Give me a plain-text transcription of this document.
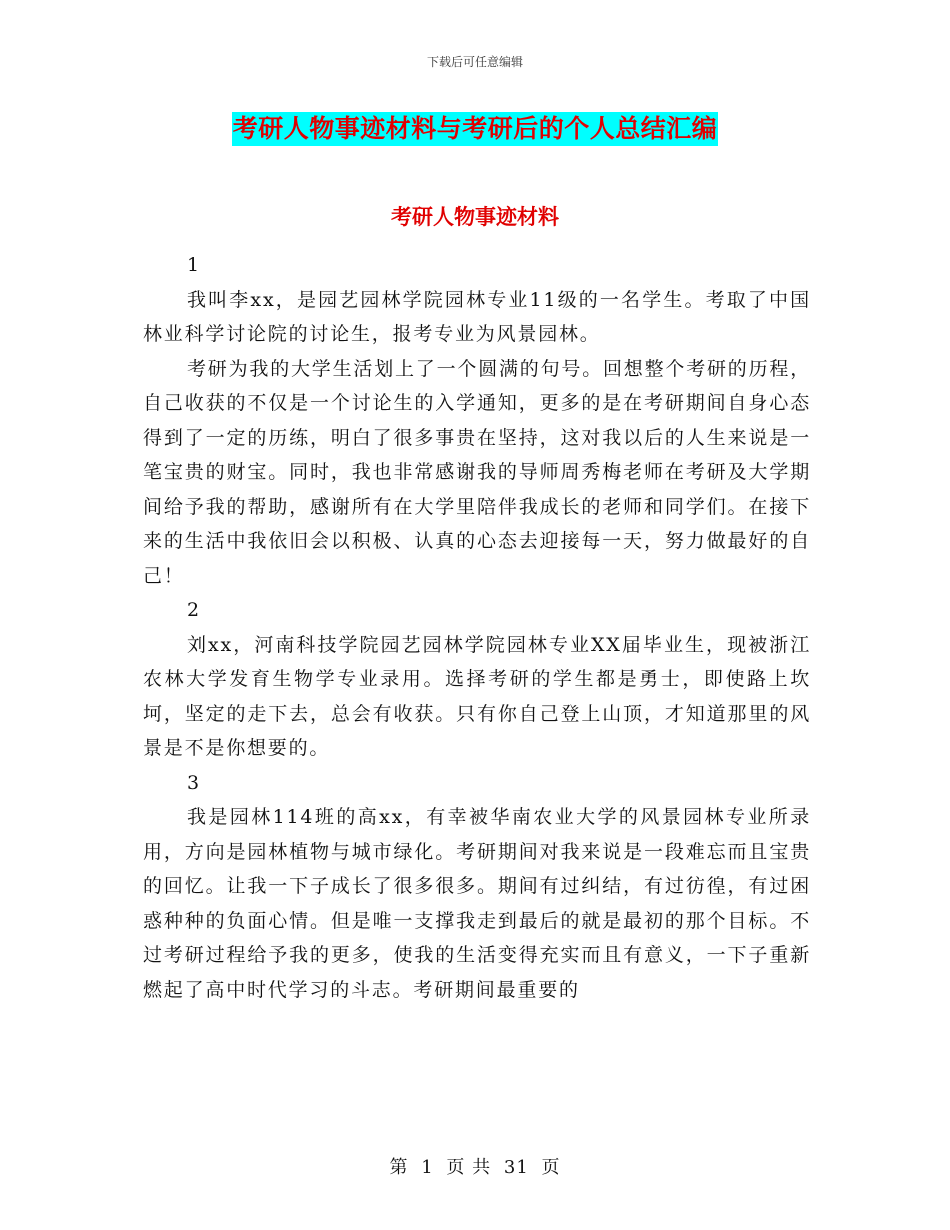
下载后可任意编辑
考研人物事迹材料与考研后的个人总结汇编
考研人物事迹材料

1

我叫李xx，是园艺园林学院园林专业11级的一名学生。考取了中国林业科学讨论院的讨论生，报考专业为风景园林。

考研为我的大学生活划上了一个圆满的句号。回想整个考研的历程，自己收获的不仅是一个讨论生的入学通知，更多的是在考研期间自身心态得到了一定的历练，明白了很多事贵在坚持，这对我以后的人生来说是一笔宝贵的财宝。同时，我也非常感谢我的导师周秀梅老师在考研及大学期间给予我的帮助，感谢所有在大学里陪伴我成长的老师和同学们。在接下来的生活中我依旧会以积极、认真的心态去迎接每一天，努力做最好的自己！

2

刘xx，河南科技学院园艺园林学院园林专业XX届毕业生，现被浙江农林大学发育生物学专业录用。选择考研的学生都是勇士，即使路上坎坷，坚定的走下去，总会有收获。只有你自己登上山顶，才知道那里的风景是不是你想要的。

3

我是园林114班的高xx，有幸被华南农业大学的风景园林专业所录用，方向是园林植物与城市绿化。考研期间对我来说是一段难忘而且宝贵的回忆。让我一下子成长了很多很多。期间有过纠结，有过彷徨，有过困惑种种的负面心情。但是唯一支撑我走到最后的就是最初的那个目标。不过考研过程给予我的更多，使我的生活变得充实而且有意义，一下子重新燃起了高中时代学习的斗志。考研期间最重要的

第 1 页 共 31 页
